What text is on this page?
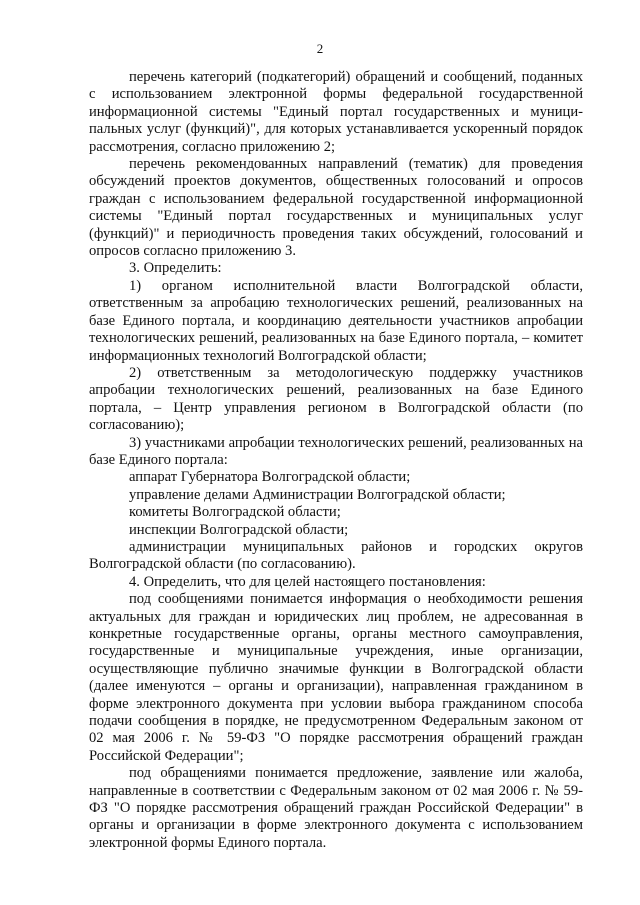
2

перечень категорий (подкатегорий) обращений и сообщений, поданных с использованием электронной формы федеральной государственной информационной системы "Единый портал государственных и муници-пальных услуг (функций)", для которых устанавливается ускоренный порядок рассмотрения, согласно приложению 2;

перечень рекомендованных направлений (тематик) для проведения обсуждений проектов документов, общественных голосований и опросов граждан с использованием федеральной государственной информационной системы "Единый портал государственных и муниципальных услуг (функций)" и периодичность проведения таких обсуждений, голосований и опросов согласно приложению 3.

3. Определить:

1) органом исполнительной власти Волгоградской области, ответственным за апробацию технологических решений, реализованных на базе Единого портала, и координацию деятельности участников апробации технологических решений, реализованных на базе Единого портала, – комитет информационных технологий Волгоградской области;

2) ответственным за методологическую поддержку участников апробации технологических решений, реализованных на базе Единого портала, – Центр управления регионом в Волгоградской области (по согласованию);

3) участниками апробации технологических решений, реализованных на базе Единого портала:

аппарат Губернатора Волгоградской области;

управление делами Администрации Волгоградской области;

комитеты Волгоградской области;

инспекции Волгоградской области;

администрации муниципальных районов и городских округов Волгоградской области (по согласованию).

4. Определить, что для целей настоящего постановления:

под сообщениями понимается информация о необходимости решения актуальных для граждан и юридических лиц проблем, не адресованная в конкретные государственные органы, органы местного самоуправления, государственные и муниципальные учреждения, иные организации, осуществляющие публично значимые функции в Волгоградской области (далее именуются – органы и организации), направленная гражданином в форме электронного документа при условии выбора гражданином способа подачи сообщения в порядке, не предусмотренном Федеральным законом от 02 мая 2006 г. № 59-ФЗ "О порядке рассмотрения обращений граждан Российской Федерации";

под обращениями понимается предложение, заявление или жалоба, направленные в соответствии с Федеральным законом от 02 мая 2006 г. № 59-ФЗ "О порядке рассмотрения обращений граждан Российской Федерации" в органы и организации в форме электронного документа с использованием электронной формы Единого портала.
